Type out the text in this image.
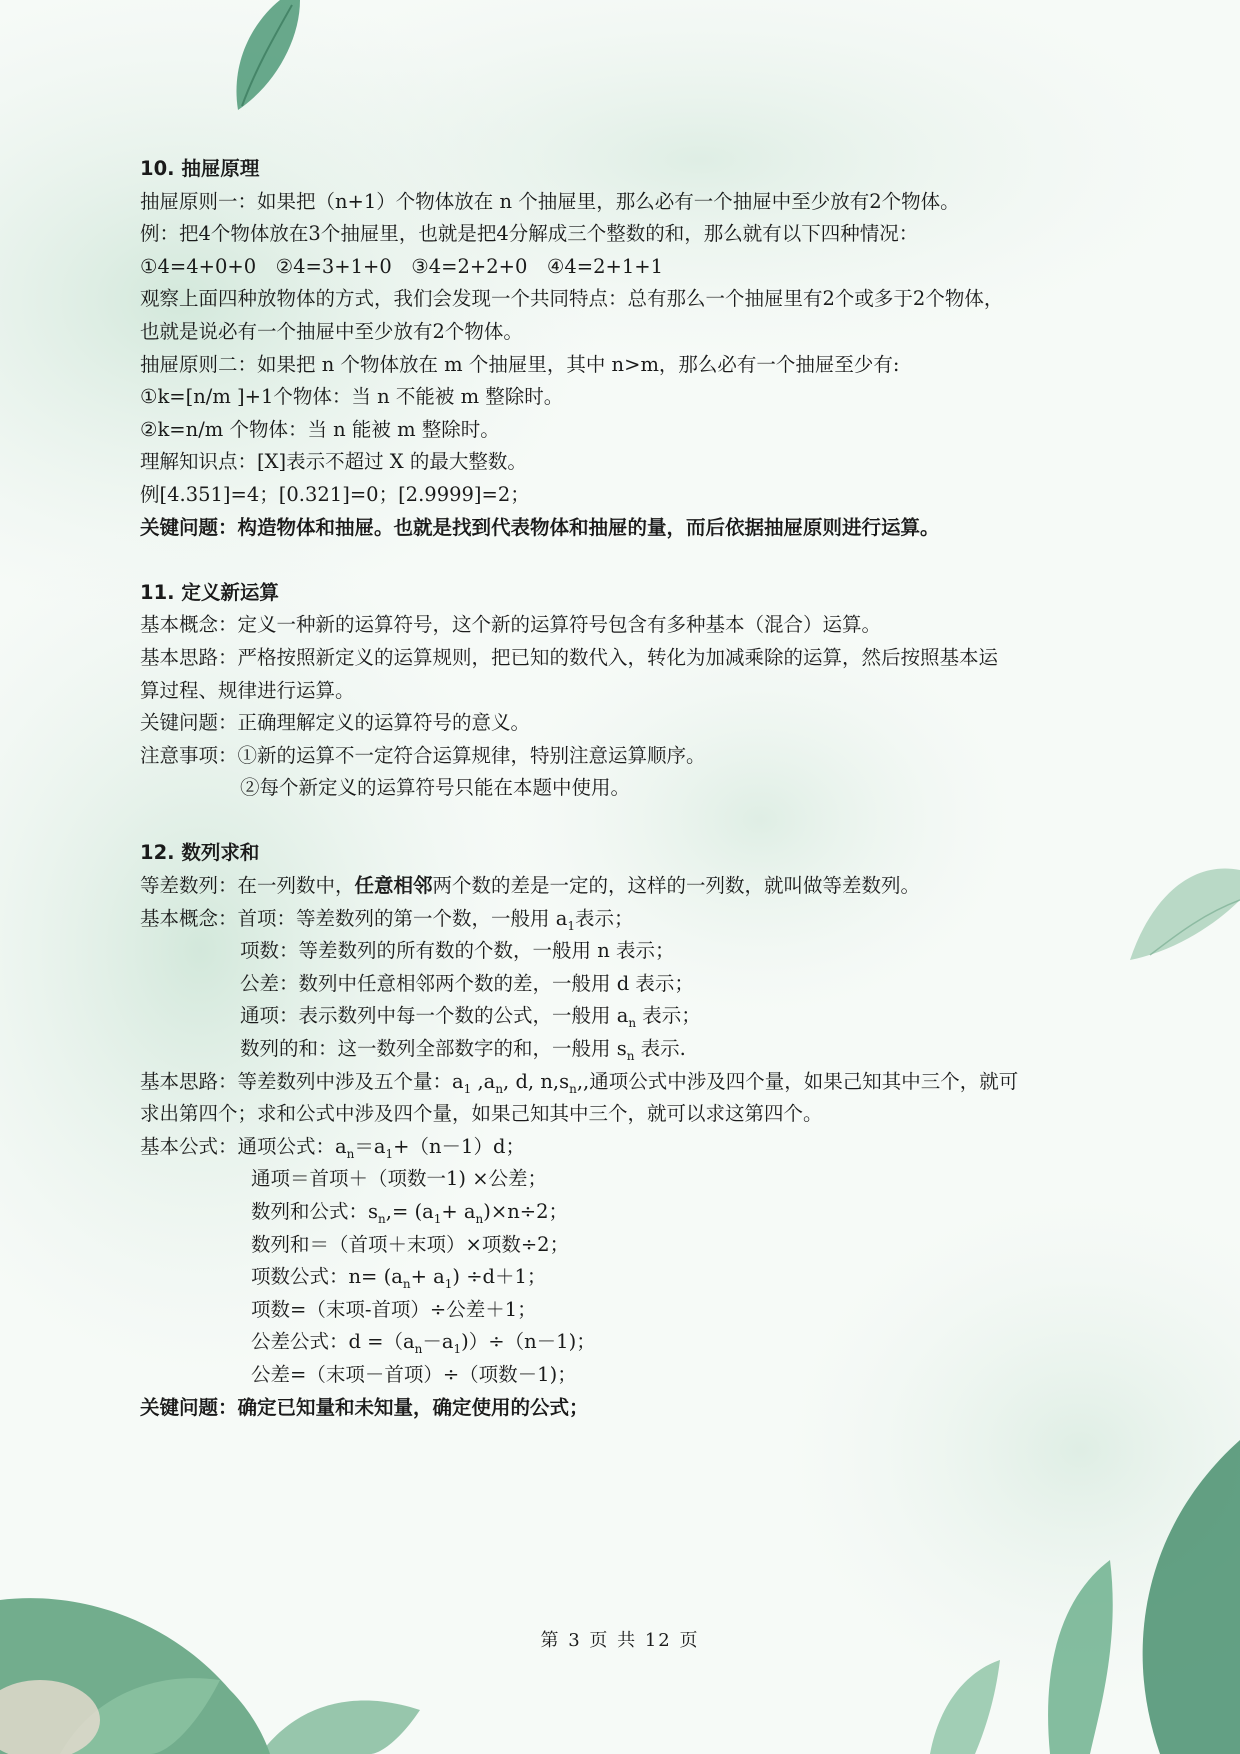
10. 抽屉原理
抽屉原则一：如果把（n+1）个物体放在 n 个抽屉里，那么必有一个抽屉中至少放有2个物体。
例：把4个物体放在3个抽屉里，也就是把4分解成三个整数的和，那么就有以下四种情况：
①4=4+0+0　②4=3+1+0　③4=2+2+0　④4=2+1+1
观察上面四种放物体的方式，我们会发现一个共同特点：总有那么一个抽屉里有2个或多于2个物体，
也就是说必有一个抽屉中至少放有2个物体。
抽屉原则二：如果把 n 个物体放在 m 个抽屉里，其中 n>m，那么必有一个抽屉至少有:
①k=[n/m ]+1个物体：当 n 不能被 m 整除时。
②k=n/m 个物体：当 n 能被 m 整除时。
理解知识点：[X]表示不超过 X 的最大整数。
例[4.351]=4；[0.321]=0；[2.9999]=2；
关键问题：构造物体和抽屉。也就是找到代表物体和抽屉的量，而后依据抽屉原则进行运算。
11. 定义新运算
基本概念：定义一种新的运算符号，这个新的运算符号包含有多种基本（混合）运算。
基本思路：严格按照新定义的运算规则，把已知的数代入，转化为加减乘除的运算，然后按照基本运
算过程、规律进行运算。
关键问题：正确理解定义的运算符号的意义。
注意事项：①新的运算不一定符合运算规律，特别注意运算顺序。
②每个新定义的运算符号只能在本题中使用。
12. 数列求和
等差数列：在一列数中，任意相邻两个数的差是一定的，这样的一列数，就叫做等差数列。
基本概念：首项：等差数列的第一个数，一般用 $a_1$表示；
项数：等差数列的所有数的个数，一般用 n 表示；
公差：数列中任意相邻两个数的差，一般用 d 表示；
通项：表示数列中每一个数的公式，一般用 $a_n$ 表示；
数列的和：这一数列全部数字的和，一般用 $s_n$ 表示.
基本思路：等差数列中涉及五个量：$a_1$ $,a_n$, d, $n,s_n$,,通项公式中涉及四个量，如果己知其中三个，就可
求出第四个；求和公式中涉及四个量，如果己知其中三个，就可以求这第四个。
基本公式：通项公式：$a_n=a_1+(n-1)d$；
通项＝首项＋（项数一1) ×公差；
数列和公式：$s_n,= (a_1+ a_n)\times n\div 2$；
数列和＝（首项＋末项）×项数÷2；
项数公式：$n= (a_n+ a_1) \div d+1$；
项数=（末项-首项）÷公差＋1；
公差公式：$d =(a_n-a_1))\div(n-1)$；
公差=（末项－首项）÷（项数－1)；
关键问题：确定已知量和未知量，确定使用的公式；
第 3 页 共 12 页
